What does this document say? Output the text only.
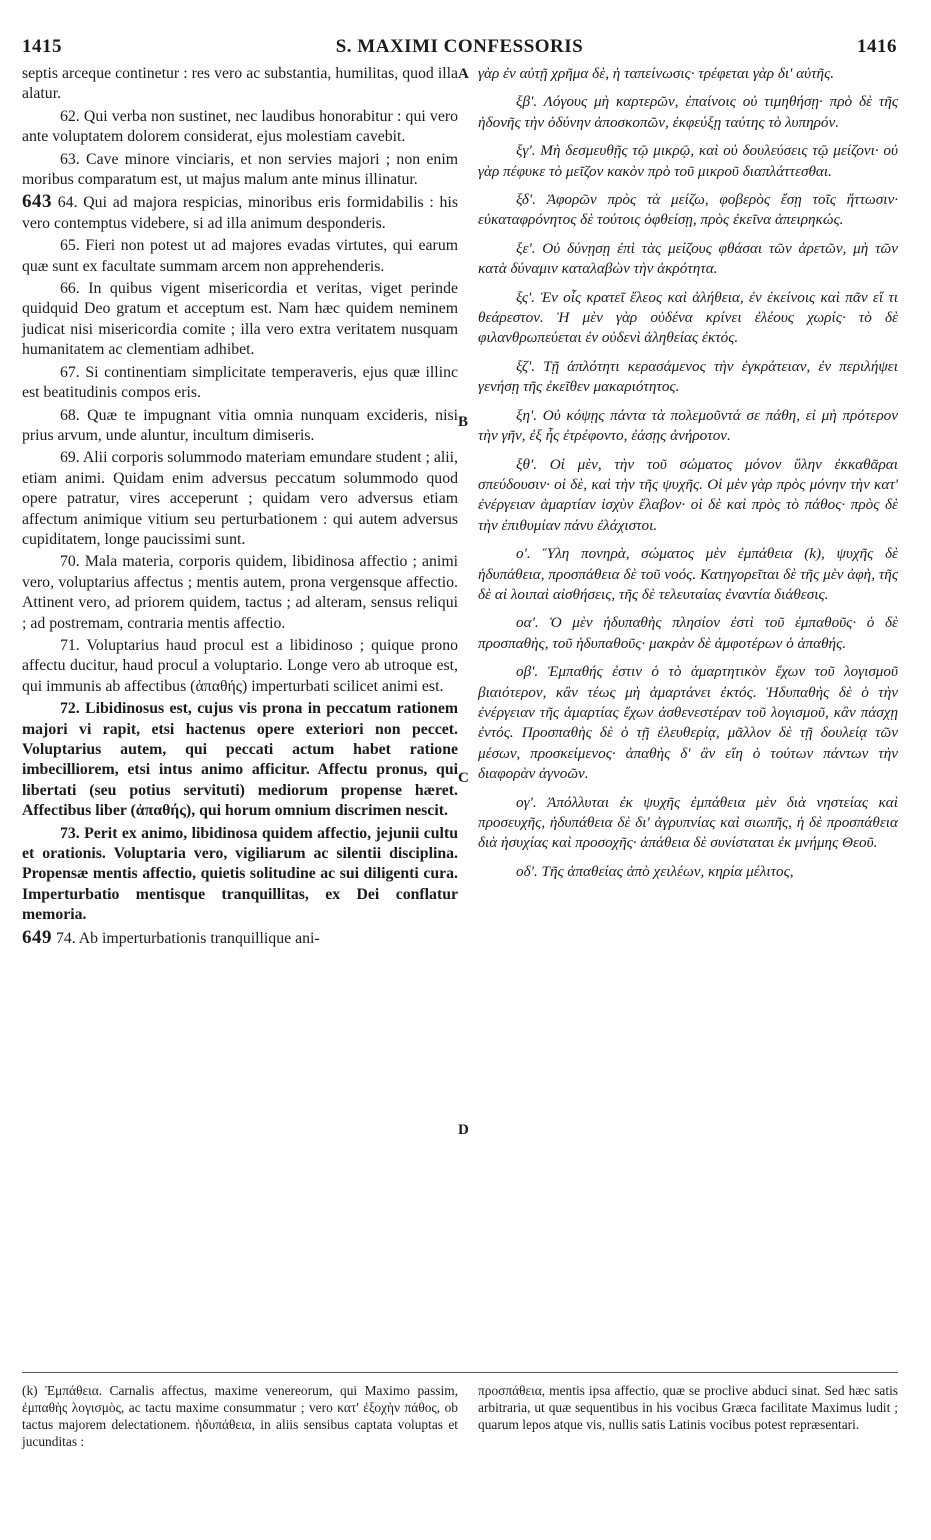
1415	S. MAXIMI CONFESSORIS	1416
A
B
C
D

septis arceque continetur : res vero ac substantia, humilitas, quod illa alatur.

62. Qui verba non sustinet, nec laudibus honorabitur : qui vero ante voluptatem dolorem considerat, ejus molestiam cavebit.

63. Cave minore vinciaris, et non servies majori ; non enim moribus comparatum est, ut majus malum ante minus illinatur.

643 64. Qui ad majora respicias, minoribus eris formidabilis : his vero contemptus videbere, si ad illa animum desponderis.

65. Fieri non potest ut ad majores evadas virtutes, qui earum quæ sunt ex facultate summam arcem non apprehenderis.

66. In quibus vigent misericordia et veritas, viget perinde quidquid Deo gratum et acceptum est. Nam hæc quidem neminem judicat nisi misericordia comite ; illa vero extra veritatem nusquam humanitatem ac clementiam adhibet.

67. Si continentiam simplicitate temperaveris, ejus quæ illinc est beatitudinis compos eris.

68. Quæ te impugnant vitia omnia nunquam excideris, nisi prius arvum, unde aluntur, incultum dimiseris.

69. Alii corporis solummodo materiam emundare student ; alii, etiam animi. Quidam enim adversus peccatum solummodo quod opere patratur, vires acceperunt ; quidam vero adversus etiam affectum animique vitium seu perturbationem : qui autem adversus cupiditatem, longe paucissimi sunt.

70. Mala materia, corporis quidem, libidinosa affectio ; animi vero, voluptarius affectus ; mentis autem, prona vergensque affectio. Attinent vero, ad priorem quidem, tactus ; ad alteram, sensus reliqui ; ad postremam, contraria mentis affectio.

71. Voluptarius haud procul est a libidinoso ; quique prono affectu ducitur, haud procul a voluptario. Longe vero ab utroque est, qui immunis ab affectibus (ἀπαθής) imperturbati scilicet animi est.

72. Libidinosus est, cujus vis prona in peccatum rationem majori vi rapit, etsi hactenus opere exteriori non peccet. Voluptarius autem, qui peccati actum habet ratione imbecilliorem, etsi intus animo afficitur. Affectu pronus, qui libertati (seu potius servituti) mediorum propense hæret. Affectibus liber (ἀπαθής), qui horum omnium discrimen nescit.

73. Perit ex animo, libidinosa quidem affectio, jejunii cultu et orationis. Voluptaria vero, vigiliarum ac silentii disciplina. Propensæ mentis affectio, quietis solitudine ac sui diligenti cura. Imperturbatio mentisque tranquillitas, ex Dei conflatur memoria.

649 74. Ab imperturbationis tranquillique ani-

γὰρ ἐν αὐτῇ χρῆμα δὲ, ἡ ταπείνωσις· τρέφεται γὰρ δι' αὐτῆς.

ξβʹ. Λόγους μὴ καρτερῶν, ἐπαίνοις οὐ τιμηθήσῃ· πρὸ δὲ τῆς ἡδονῆς τὴν ὀδύνην ἀποσκοπῶν, ἐκφεύξῃ ταύτης τὸ λυπηρόν.

ξγʹ. Μὴ δεσμευθῇς τῷ μικρῷ, καὶ οὐ δουλεύσεις τῷ μείζονι· οὐ γὰρ πέφυκε τὸ μεῖζον κακὸν πρὸ τοῦ μικροῦ διαπλάττεσθαι.

ξδʹ. Ἀφορῶν πρὸς τὰ μείζω, φοβερὸς ἔσῃ τοῖς ἥττωσιν· εὐκαταφρόνητος δὲ τούτοις ὀφθείσῃ, πρὸς ἐκεῖνα ἀπειρηκώς.

ξεʹ. Οὐ δύνῃσῃ ἐπὶ τὰς μείζους φθάσαι τῶν ἀρετῶν, μὴ τῶν κατὰ δύναμιν καταλαβὼν τὴν ἀκρότητα.

ξςʹ. Ἐν οἷς κρατεῖ ἔλεος καὶ ἀλήθεια, ἐν ἐκείνοις καὶ πᾶν εἴ τι θεάρεστον. Ἡ μὲν γὰρ οὐδένα κρίνει ἐλέους χωρίς· τὸ δὲ φιλανθρωπεύεται ἐν οὐδενὶ ἀληθείας ἐκτός.

ξζʹ. Τῇ ἁπλότητι κερασάμενος τὴν ἐγκράτειαν, ἐν περιλήψει γενήσῃ τῆς ἐκεῖθεν μακαριότητος.

ξηʹ. Οὐ κόψῃς πάντα τὰ πολεμοῦντά σε πάθη, εἰ μὴ πρότερον τὴν γῆν, ἐξ ἧς ἐτρέφοντο, ἐάσῃς ἀνήροτον.

ξθʹ. Οἱ μὲν, τὴν τοῦ σώματος μόνον ὕλην ἐκκαθᾶραι σπεύδουσιν· οἱ δὲ, καὶ τὴν τῆς ψυχῆς. Οἱ μὲν γὰρ πρὸς μόνην τὴν κατ' ἐνέργειαν ἁμαρτίαν ἰσχὺν ἔλαβον· οἱ δὲ καὶ πρὸς τὸ πάθος· πρὸς δὲ τὴν ἐπιθυμίαν πάνυ ἐλάχιστοι.

οʹ. Ὕλη πονηρὰ, σώματος μὲν ἐμπάθεια (k), ψυχῆς δὲ ἡδυπάθεια, προσπάθεια δὲ τοῦ νοός. Κατηγορεῖται δὲ τῆς μὲν ἀφὴ, τῆς δὲ αἱ λοιπαὶ αἰσθήσεις, τῆς δὲ τελευταίας ἐναντία διάθεσις.

οαʹ. Ὁ μὲν ἡδυπαθὴς πλησίον ἐστὶ τοῦ ἐμπαθοῦς· ὁ δὲ προσπαθὴς, τοῦ ἡδυπαθοῦς· μακρὰν δὲ ἀμφοτέρων ὁ ἀπαθής.

οβʹ. Ἐμπαθής ἐστιν ὁ τὸ ἁμαρτητικὸν ἔχων τοῦ λογισμοῦ βιαιότερον, κἂν τέως μὴ ἁμαρτάνει ἐκτός. Ἡδυπαθὴς δὲ ὁ τὴν ἐνέργειαν τῆς ἁμαρτίας ἔχων ἀσθενεστέραν τοῦ λογισμοῦ, κἂν πάσχῃ ἐντός. Προσπαθὴς δὲ ὁ τῇ ἐλευθερίᾳ, μᾶλλον δὲ τῇ δουλείᾳ τῶν μέσων, προσκείμενος· ἀπαθὴς δ' ἂν εἴη ὁ τούτων πάντων τὴν διαφορὰν ἀγνοῶν.

ογʹ. Ἀπόλλυται ἐκ ψυχῆς ἐμπάθεια μὲν διὰ νηστείας καὶ προσευχῆς, ἡδυπάθεια δὲ δι' ἀγρυπνίας καὶ σιωπῆς, ἡ δὲ προσπάθεια διὰ ἡσυχίας καὶ προσοχῆς· ἀπάθεια δὲ συνίσταται ἐκ μνήμης Θεοῦ.

οδʹ. Τῆς ἀπαθείας ἀπὸ χειλέων, κηρία μέλιτος,

(k) Ἐμπάθεια. Carnalis affectus, maxime venereorum, qui Maximo passim, ἐμπαθὴς λογισμὸς, ac tactu maxime consummatur ; vero κατ' ἐξοχὴν πάθος, ob tactus majorem delectationem. ἡδυπάθεια, in aliis sensibus captata voluptas et jucunditas :
προσπάθεια, mentis ipsa affectio, quæ se proclive abduci sinat. Sed hæc satis arbitraria, ut quæ sequentibus in his vocibus Græca facilitate Maximus ludit ; quarum lepos atque vis, nullis satis Latinis vocibus potest repræsentari.
